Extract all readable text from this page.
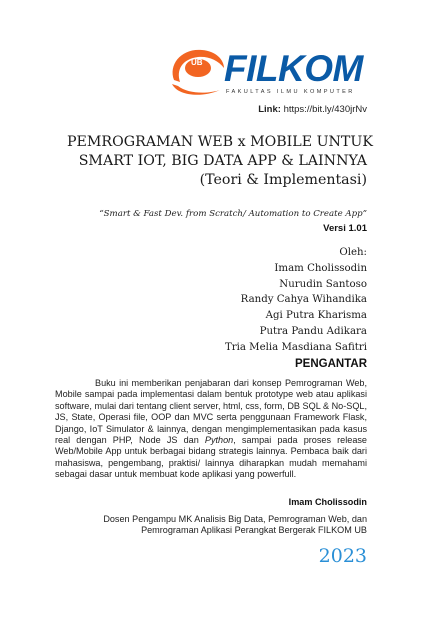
UB FILKOM
FAKULTAS ILMU KOMPUTER
Link: https://bit.ly/430jrNv
PEMROGRAMAN WEB x MOBILE UNTUK
SMART IOT, BIG DATA APP & LAINNYA
(Teori & Implementasi)
“Smart & Fast Dev. from Scratch/ Automation to Create App”
Versi 1.01
Oleh:
Imam Cholissodin
Nurudin Santoso
Randy Cahya Wihandika
Agi Putra Kharisma
Putra Pandu Adikara
Tria Melia Masdiana Safitri
PENGANTAR
Buku ini memberikan penjabaran dari konsep Pemrograman Web, Mobile sampai pada implementasi dalam bentuk prototype web atau aplikasi software, mulai dari tentang client server, html, css, form, DB SQL & No-SQL, JS, State, Operasi file, OOP dan MVC serta penggunaan Framework Flask, Django, IoT Simulator & lainnya, dengan mengimplementasikan pada kasus real dengan PHP, Node JS dan Python, sampai pada proses release Web/Mobile App untuk berbagai bidang strategis lainnya. Pembaca baik dari mahasiswa, pengembang, praktisi/ lainnya diharapkan mudah memahami sebagai dasar untuk membuat kode aplikasi yang powerfull.
Imam Cholissodin
Dosen Pengampu MK Analisis Big Data, Pemrograman Web, dan
Pemrograman Aplikasi Perangkat Bergerak FILKOM UB
2023
